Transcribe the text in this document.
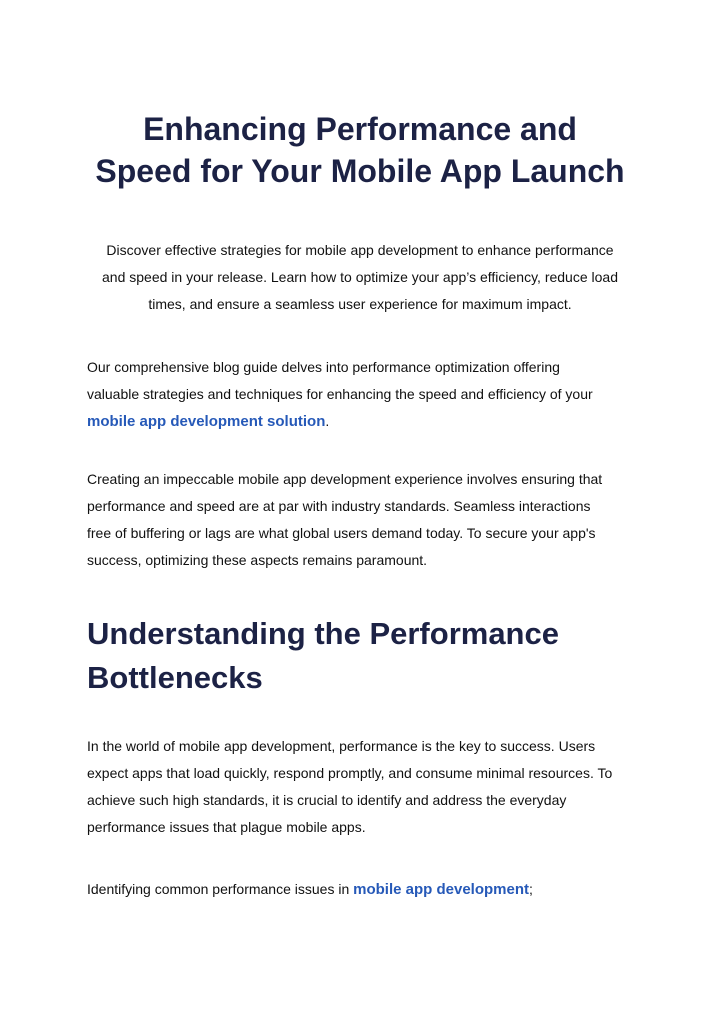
Enhancing Performance and
Speed for Your Mobile App Launch

Discover effective strategies for mobile app development to enhance performance
and speed in your release. Learn how to optimize your app’s efficiency, reduce load
times, and ensure a seamless user experience for maximum impact.

Our comprehensive blog guide delves into performance optimization offering
valuable strategies and techniques for enhancing the speed and efficiency of your
mobile app development solution.

Creating an impeccable mobile app development experience involves ensuring that
performance and speed are at par with industry standards. Seamless interactions
free of buffering or lags are what global users demand today. To secure your app's
success, optimizing these aspects remains paramount.

Understanding the Performance
Bottlenecks

In the world of mobile app development, performance is the key to success. Users
expect apps that load quickly, respond promptly, and consume minimal resources. To
achieve such high standards, it is crucial to identify and address the everyday
performance issues that plague mobile apps.

Identifying common performance issues in mobile app development;
